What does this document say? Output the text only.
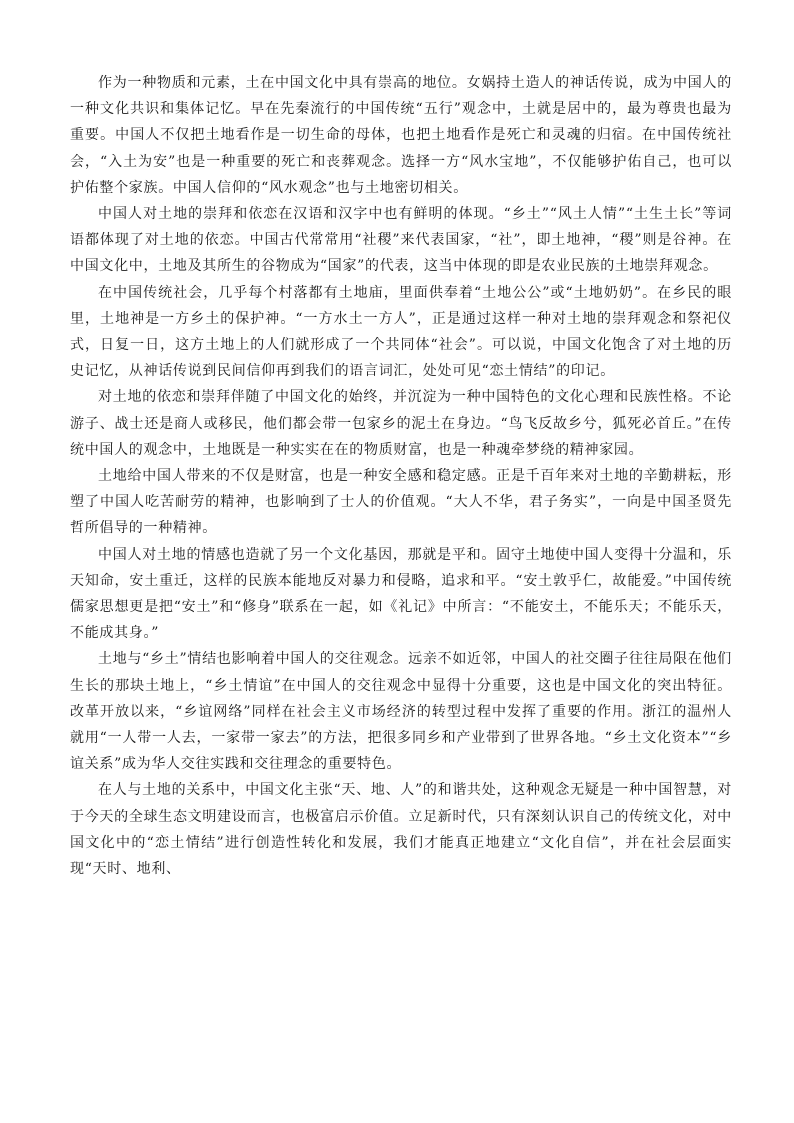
作为一种物质和元素，土在中国文化中具有崇高的地位。女娲持土造人的神话传说，成为中国人的一种文化共识和集体记忆。早在先秦流行的中国传统“五行”观念中，土就是居中的，最为尊贵也最为重要。中国人不仅把土地看作是一切生命的母体，也把土地看作是死亡和灵魂的归宿。在中国传统社会，“入土为安”也是一种重要的死亡和丧葬观念。选择一方“风水宝地”，不仅能够护佑自己，也可以护佑整个家族。中国人信仰的“风水观念”也与土地密切相关。

中国人对土地的崇拜和依恋在汉语和汉字中也有鲜明的体现。“乡土”“风土人情”“土生土长”等词语都体现了对土地的依恋。中国古代常常用“社稷”来代表国家，“社”，即土地神，“稷”则是谷神。在中国文化中，土地及其所生的谷物成为“国家”的代表，这当中体现的即是农业民族的土地崇拜观念。

在中国传统社会，几乎每个村落都有土地庙，里面供奉着“土地公公”或“土地奶奶”。在乡民的眼里，土地神是一方乡土的保护神。“一方水土一方人”，正是通过这样一种对土地的崇拜观念和祭祀仪式，日复一日，这方土地上的人们就形成了一个共同体“社会”。可以说，中国文化饱含了对土地的历史记忆，从神话传说到民间信仰再到我们的语言词汇，处处可见“恋土情结”的印记。

对土地的依恋和崇拜伴随了中国文化的始终，并沉淀为一种中国特色的文化心理和民族性格。不论游子、战士还是商人或移民，他们都会带一包家乡的泥土在身边。“鸟飞反故乡兮，狐死必首丘。”在传统中国人的观念中，土地既是一种实实在在的物质财富，也是一种魂牵梦绕的精神家园。

土地给中国人带来的不仅是财富，也是一种安全感和稳定感。正是千百年来对土地的辛勤耕耘，形塑了中国人吃苦耐劳的精神，也影响到了士人的价值观。“大人不华，君子务实”，一向是中国圣贤先哲所倡导的一种精神。

中国人对土地的情感也造就了另一个文化基因，那就是平和。固守土地使中国人变得十分温和，乐天知命，安土重迁，这样的民族本能地反对暴力和侵略，追求和平。“安土敦乎仁，故能爱。”中国传统儒家思想更是把“安土”和“修身”联系在一起，如《礼记》中所言：“不能安土，不能乐天；不能乐天，不能成其身。”

土地与“乡土”情结也影响着中国人的交往观念。远亲不如近邻，中国人的社交圈子往往局限在他们生长的那块土地上，“乡土情谊”在中国人的交往观念中显得十分重要，这也是中国文化的突出特征。改革开放以来，“乡谊网络”同样在社会主义市场经济的转型过程中发挥了重要的作用。浙江的温州人就用“一人带一人去，一家带一家去”的方法，把很多同乡和产业带到了世界各地。“乡土文化资本”“乡谊关系”成为华人交往实践和交往理念的重要特色。

在人与土地的关系中，中国文化主张“天、地、人”的和谐共处，这种观念无疑是一种中国智慧，对于今天的全球生态文明建设而言，也极富启示价值。立足新时代，只有深刻认识自己的传统文化，对中国文化中的“恋土情结”进行创造性转化和发展，我们才能真正地建立“文化自信”，并在社会层面实现“天时、地利、
